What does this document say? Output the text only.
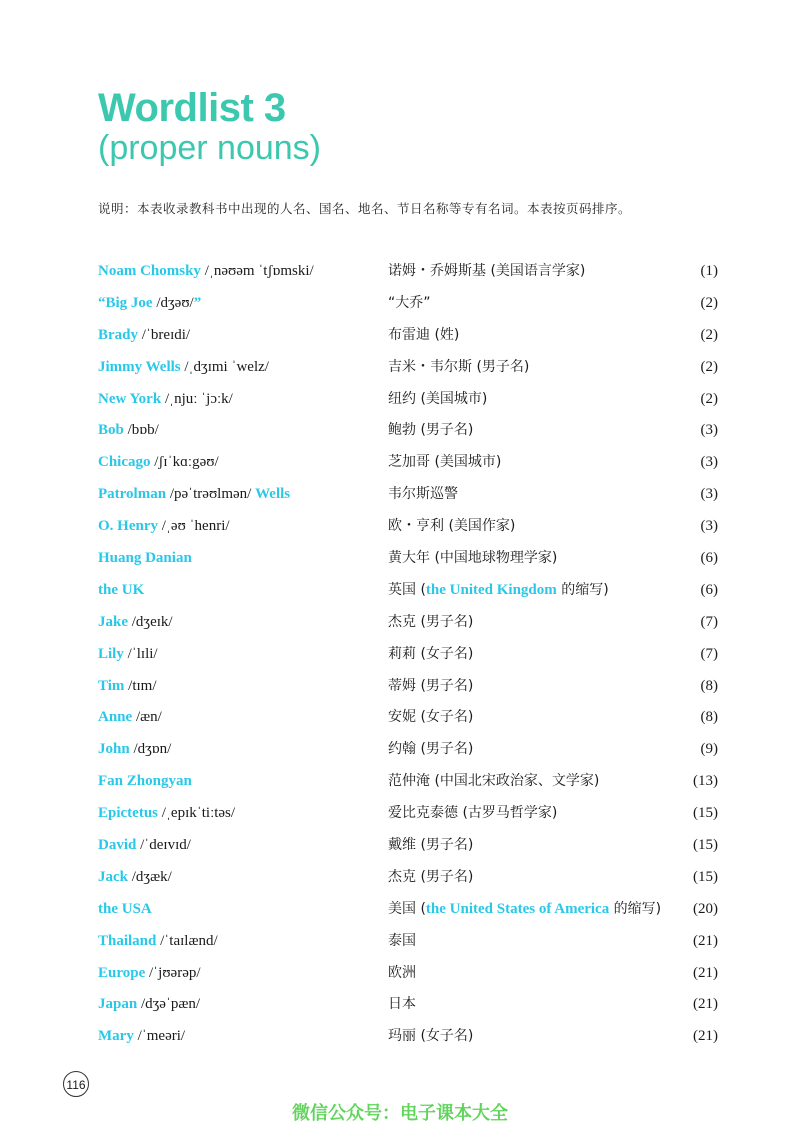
Wordlist 3
(proper nouns)
说明：本表收录教科书中出现的人名、国名、地名、节日名称等专有名词。本表按页码排序。
Noam Chomsky /ˌnəʊəm ˈtʃɒmski/	诺姆・乔姆斯基 (美国语言学家)	(1)
“Big Joe /dʒəʊ/”	“大乔”	(2)
Brady /ˈbreɪdi/	布雷迪 (姓)	(2)
Jimmy Wells /ˌdʒɪmi ˈwelz/	吉米・韦尔斯 (男子名)	(2)
New York /ˌnjuː ˈjɔːk/	纽约 (美国城市)	(2)
Bob /bɒb/	鲍勃 (男子名)	(3)
Chicago /ʃɪˈkɑːgəʊ/	芝加哥 (美国城市)	(3)
Patrolman /pəˈtrəʊlmən/ Wells	韦尔斯巡警	(3)
O. Henry /ˌəʊ ˈhenri/	欧・亨利 (美国作家)	(3)
Huang Danian	黄大年 (中国地球物理学家)	(6)
the UK	英国 (the United Kingdom 的缩写)	(6)
Jake /dʒeɪk/	杰克 (男子名)	(7)
Lily /ˈlɪli/	莉莉 (女子名)	(7)
Tim /tɪm/	蒂姆 (男子名)	(8)
Anne /æn/	安妮 (女子名)	(8)
John /dʒɒn/	约翰 (男子名)	(9)
Fan Zhongyan	范仲淹 (中国北宋政治家、文学家)	(13)
Epictetus /ˌepɪkˈtiːtəs/	爱比克泰德 (古罗马哲学家)	(15)
David /ˈdeɪvɪd/	戴维 (男子名)	(15)
Jack /dʒæk/	杰克 (男子名)	(15)
the USA	美国 (the United States of America 的缩写) (20)
Thailand /ˈtaɪlænd/	泰国	(21)
Europe /ˈjʊərəp/	欧洲	(21)
Japan /dʒəˈpæn/	日本	(21)
Mary /ˈmeəri/	玛丽 (女子名)	(21)
116
微信公众号：电子课本大全
